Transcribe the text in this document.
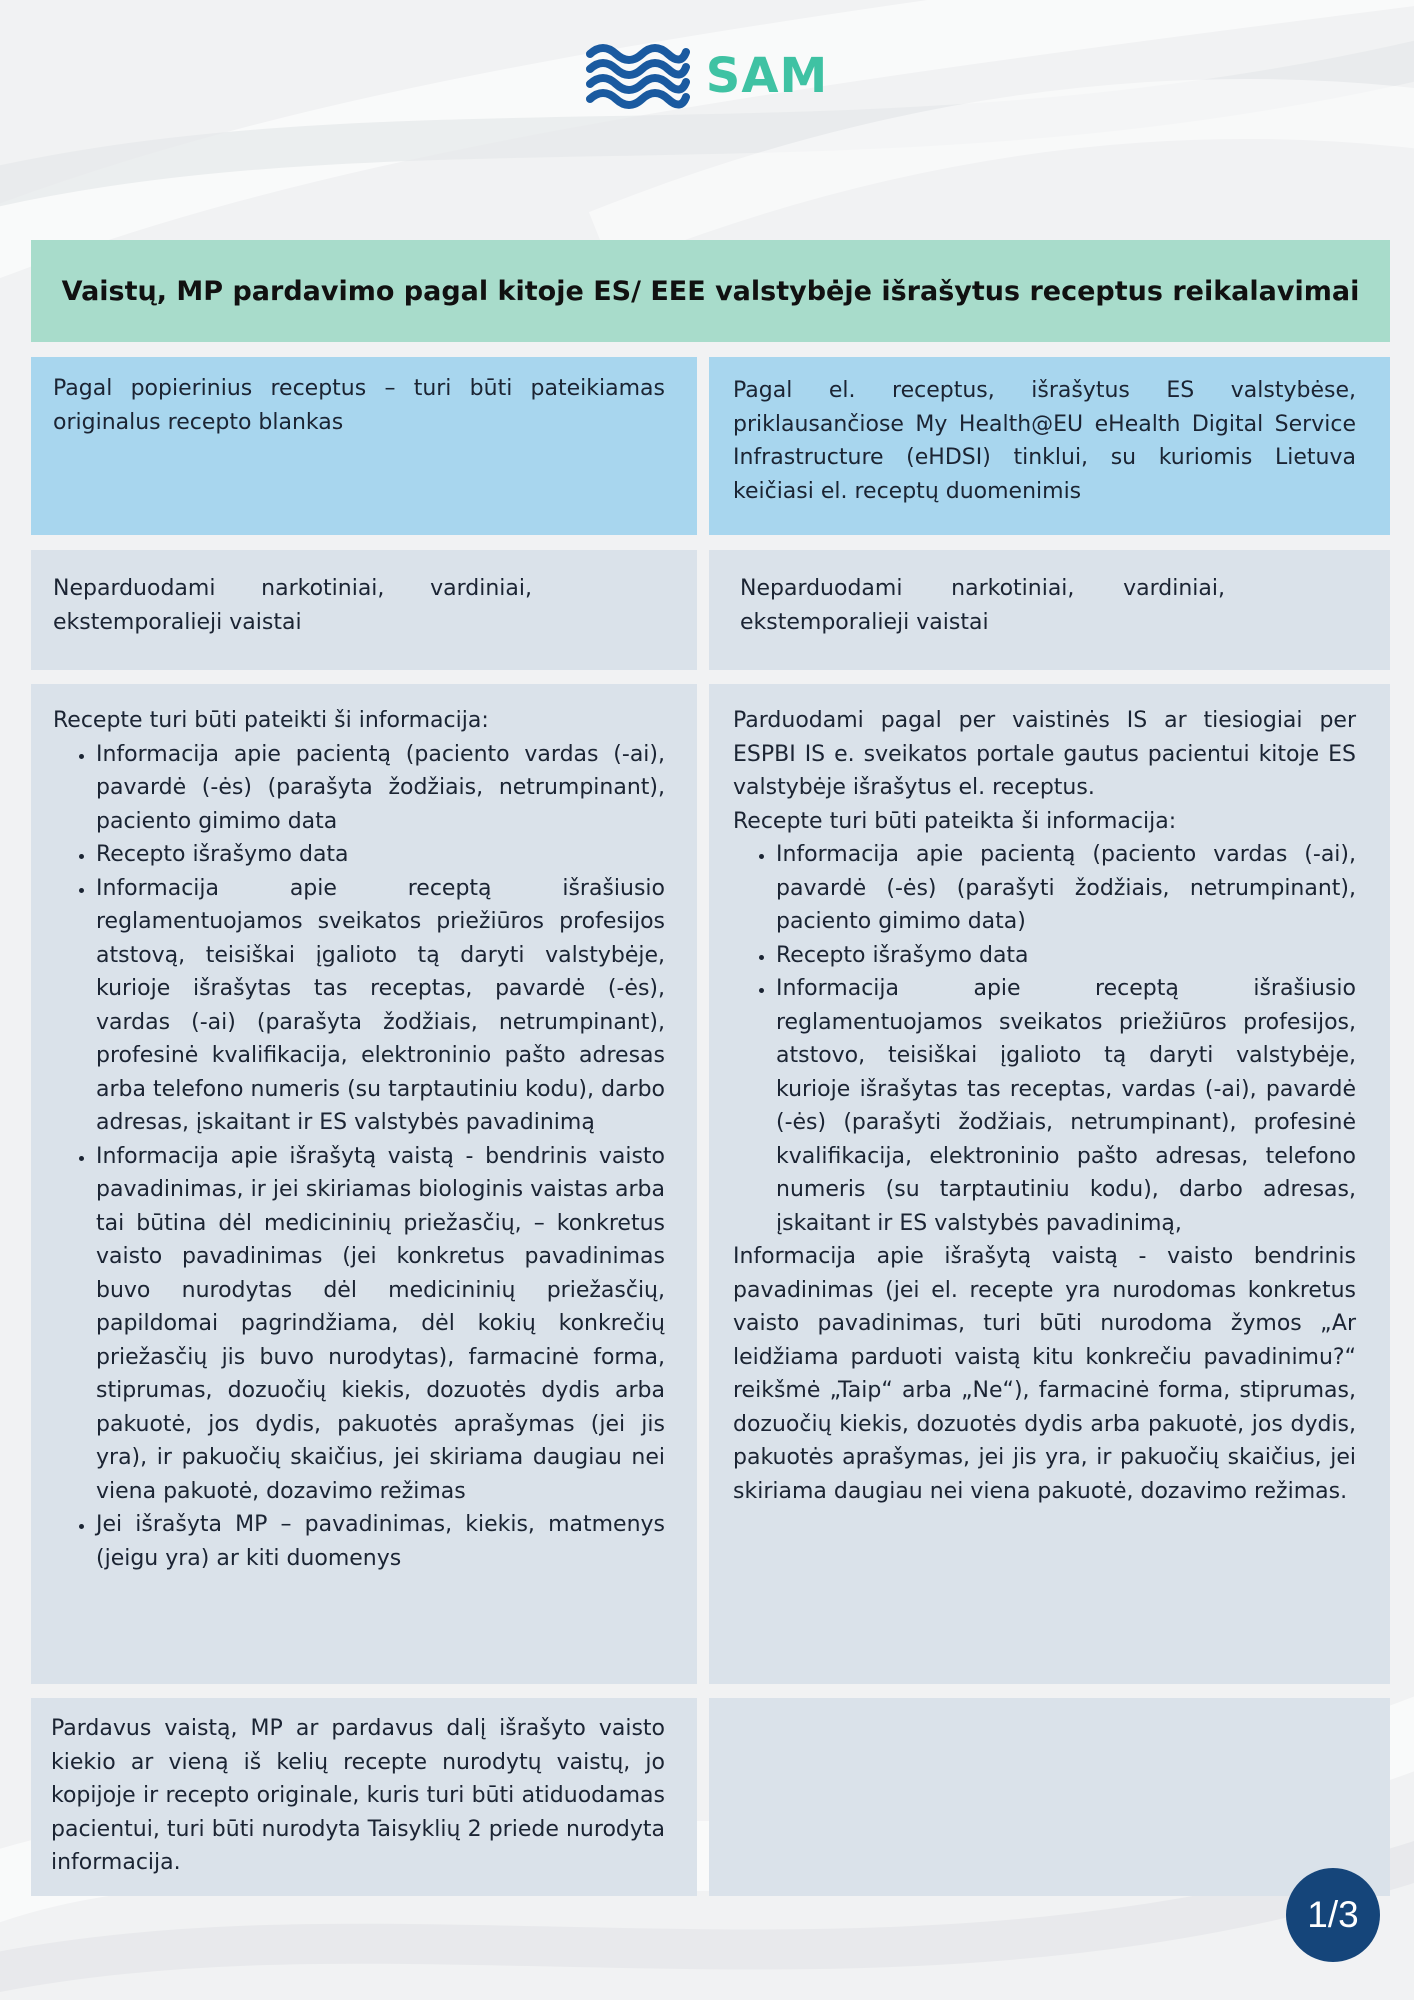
SAM
Vaistų, MP pardavimo pagal kitoje ES/ EEE valstybėje išrašytus receptus reikalavimai

Pagal popierinius receptus – turi būti pateikiamas originalus recepto blankas

Pagal el. receptus, išrašytus ES valstybėse, priklausančiose My Health@EU eHealth Digital Service Infrastructure (eHDSI) tinklui, su kuriomis Lietuva keičiasi el. receptų duomenimis

Neparduodami narkotiniai, vardiniai, ekstemporalieji vaistai

Neparduodami narkotiniai, vardiniai, ekstemporalieji vaistai

Recepte turi būti pateikti ši informacija:

• Informacija apie pacientą (paciento vardas (-ai), pavardė (-ės) (parašyta žodžiais, netrumpinant), paciento gimimo data
• Recepto išrašymo data
• Informacija apie receptą išrašiusio reglamentuojamos sveikatos priežiūros profesijos atstovą, teisiškai įgalioto tą daryti valstybėje, kurioje išrašytas tas receptas, pavardė (-ės), vardas (-ai) (parašyta žodžiais, netrumpinant), profesinė kvalifikacija, elektroninio pašto adresas arba telefono numeris (su tarptautiniu kodu), darbo adresas, įskaitant ir ES valstybės pavadinimą
• Informacija apie išrašytą vaistą - bendrinis vaisto pavadinimas, ir jei skiriamas biologinis vaistas arba tai būtina dėl medicininių priežasčių, – konkretus vaisto pavadinimas (jei konkretus pavadinimas buvo nurodytas dėl medicininių priežasčių, papildomai pagrindžiama, dėl kokių konkrečių priežasčių jis buvo nurodytas), farmacinė forma, stiprumas, dozuočių kiekis, dozuotės dydis arba pakuotė, jos dydis, pakuotės aprašymas (jei jis yra), ir pakuočių skaičius, jei skiriama daugiau nei viena pakuotė, dozavimo režimas
• Jei išrašyta MP – pavadinimas, kiekis, matmenys (jeigu yra) ar kiti duomenys

Parduodami pagal per vaistinės IS ar tiesiogiai per ESPBI IS e. sveikatos portale gautus pacientui kitoje ES valstybėje išrašytus el. receptus.

Recepte turi būti pateikta ši informacija:

• Informacija apie pacientą (paciento vardas (-ai), pavardė (-ės) (parašyti žodžiais, netrumpinant), paciento gimimo data)
• Recepto išrašymo data
• Informacija apie receptą išrašiusio reglamentuojamos sveikatos priežiūros profesijos, atstovo, teisiškai įgalioto tą daryti valstybėje, kurioje išrašytas tas receptas, vardas (-ai), pavardė (-ės) (parašyti žodžiais, netrumpinant), profesinė kvalifikacija, elektroninio pašto adresas, telefono numeris (su tarptautiniu kodu), darbo adresas, įskaitant ir ES valstybės pavadinimą,

Informacija apie išrašytą vaistą - vaisto bendrinis pavadinimas (jei el. recepte yra nurodomas konkretus vaisto pavadinimas, turi būti nurodoma žymos „Ar leidžiama parduoti vaistą kitu konkrečiu pavadinimu?“ reikšmė „Taip“ arba „Ne“), farmacinė forma, stiprumas, dozuočių kiekis, dozuotės dydis arba pakuotė, jos dydis, pakuotės aprašymas, jei jis yra, ir pakuočių skaičius, jei skiriama daugiau nei viena pakuotė, dozavimo režimas.

Pardavus vaistą, MP ar pardavus dalį išrašyto vaisto kiekio ar vieną iš kelių recepte nurodytų vaistų, jo kopijoje ir recepto originale, kuris turi būti atiduodamas pacientui, turi būti nurodyta Taisyklių 2 priede nurodyta informacija.

1/3
